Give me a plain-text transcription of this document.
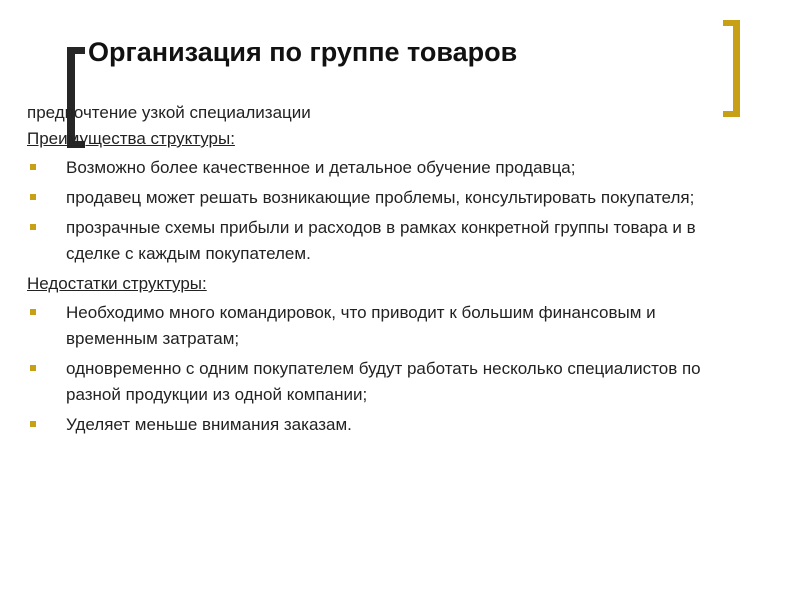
Организация по группе товаров

предпочтение узкой специализации

Преимущества структуры:

Возможно более качественное и детальное обучение продавца;
продавец может решать возникающие проблемы, консультировать покупателя;
прозрачные схемы прибыли и расходов в рамках конкретной группы товара и в сделке с каждым покупателем.

Недостатки структуры:

Необходимо много командировок, что приводит к большим финансовым и временным затратам;
одновременно с одним покупателем будут работать несколько специалистов по разной продукции из одной компании;
Уделяет меньше внимания заказам.
